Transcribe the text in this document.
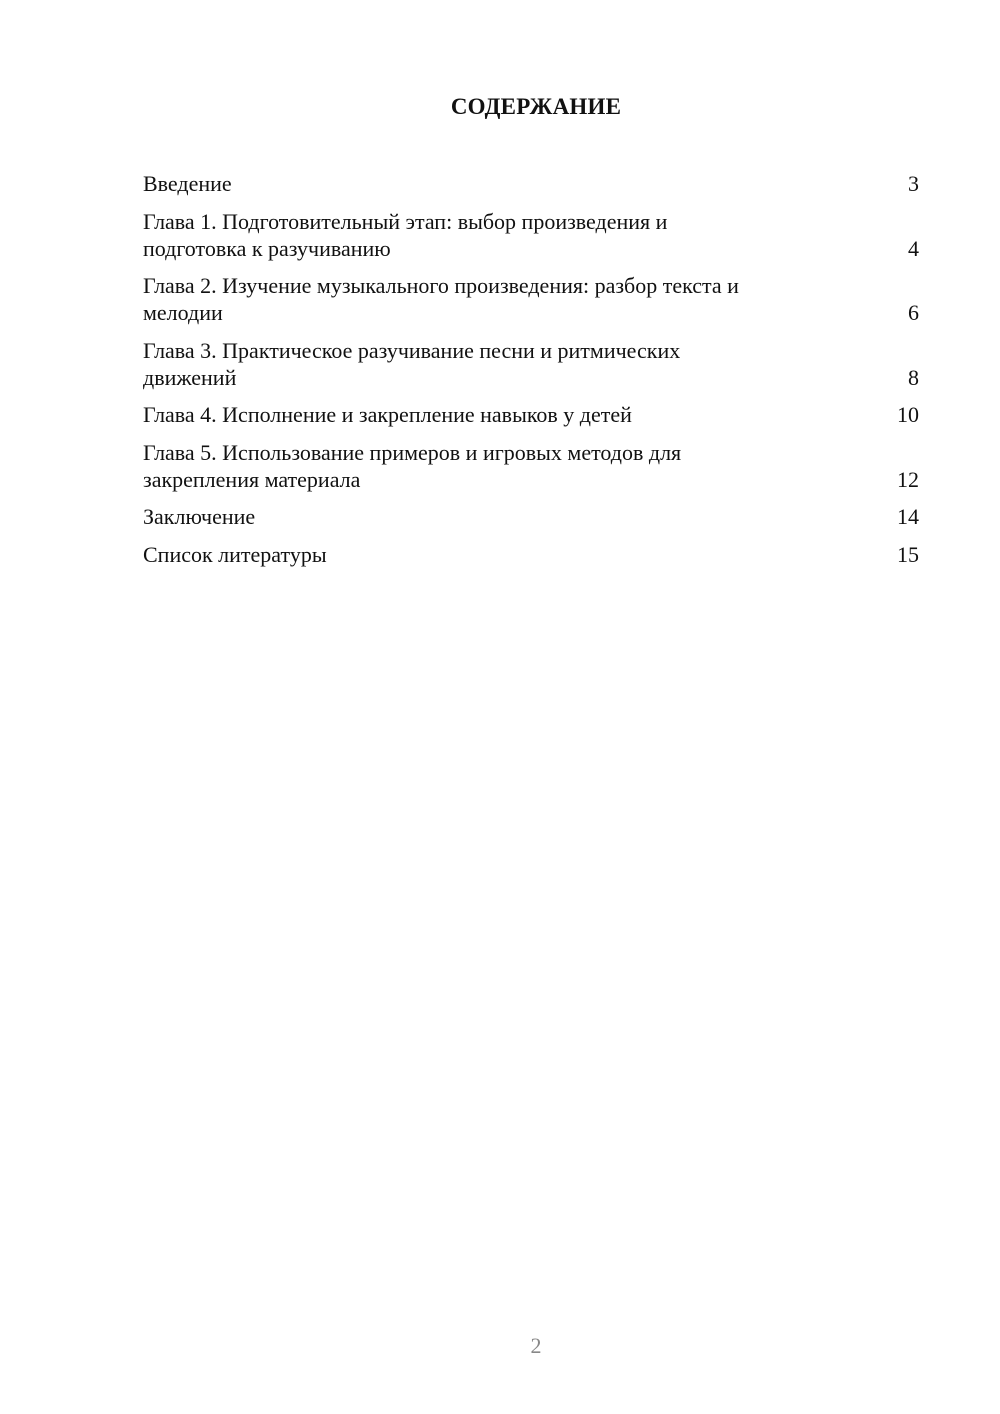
СОДЕРЖАНИЕ
Введение	3
Глава 1. Подготовительный этап: выбор произведения и
подготовка к разучиванию	4
Глава 2. Изучение музыкального произведения: разбор текста и
мелодии	6
Глава 3. Практическое разучивание песни и ритмических
движений	8
Глава 4. Исполнение и закрепление навыков у детей	10
Глава 5. Использование примеров и игровых методов для
закрепления материала	12
Заключение	14
Список литературы	15
2
